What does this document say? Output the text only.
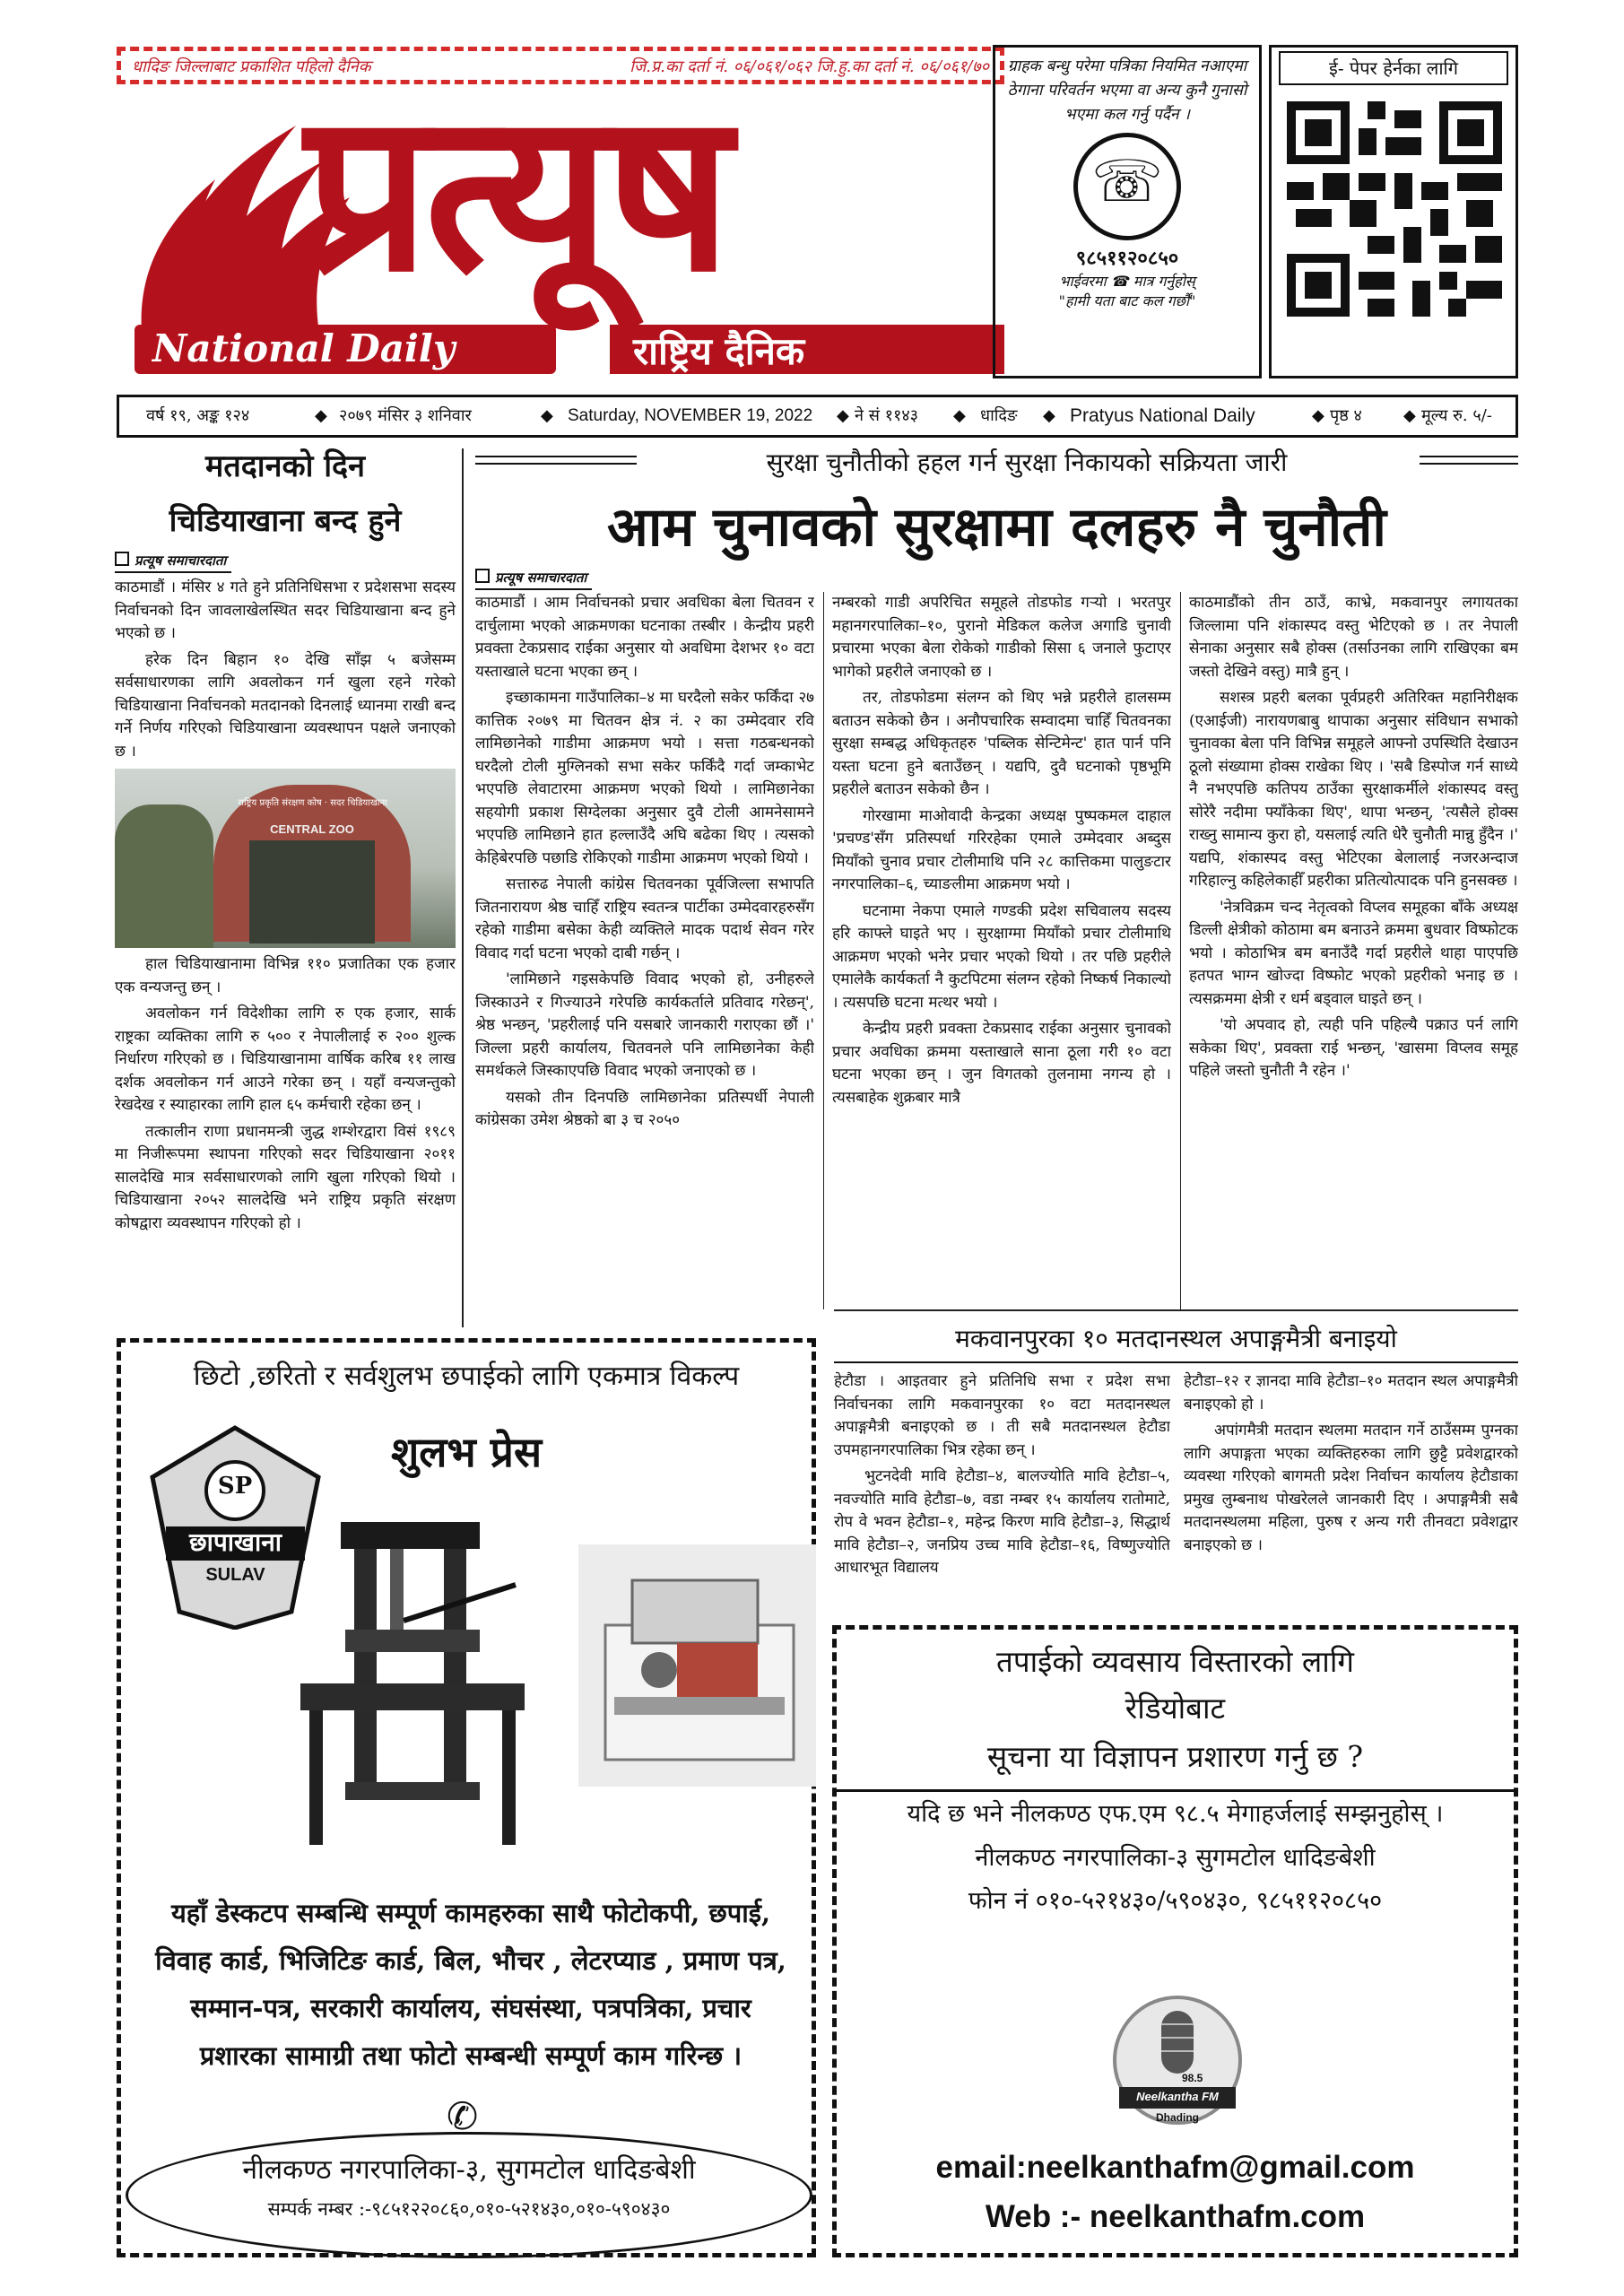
धादिङ जिल्लाबाट प्रकाशित पहिलो दैनिक	जि.प्र.का दर्ता नं. ०६/०६१/०६२ जि.हु.का दर्ता नं. ०६/०६१/७०
प्रत्यूष
National Daily	राष्ट्रिय दैनिक
ग्राहक बन्धु परेमा पत्रिका नियमित नआएमा ठेगाना परिवर्तन भएमा वा अन्य कुनै गुनासो भएमा कल गर्नु पर्दैन ।
☏
९८५११२०८५०
भाईवरमा ☎ मात्र गर्नुहोस्
"हामी यता बाट कल गर्छौं"
ई- पेपर हेर्नका लागि
वर्ष १९, अङ्क १२४	◆ २०७९ मंसिर ३ शनिवार	◆ Saturday, NOVEMBER 19, 2022 ◆ ने सं ११४३ ◆ धादिङ ◆ Pratyus National Daily	◆ पृष्ठ ४	◆ मूल्य रु. ५/-
मतदानको दिन
चिडियाखाना बन्द हुने
प्रत्यूष समाचारदाता

काठमाडौं । मंसिर ४ गते हुने प्रतिनिधिसभा र प्रदेशसभा सदस्य निर्वाचनको दिन जावलाखेलस्थित सदर चिडियाखाना बन्द हुने भएको छ ।

हरेक दिन बिहान १० देखि साँझ ५ बजेसम्म सर्वसाधारणका लागि अवलोकन गर्न खुला रहने गरेको चिडियाखाना निर्वाचनको मतदानको दिनलाई ध्यानमा राखी बन्द गर्ने निर्णय गरिएको चिडियाखाना व्यवस्थापन पक्षले जनाएको छ ।

राष्ट्रिय प्रकृति संरक्षण कोष · सदर चिडियाखाना
CENTRAL ZOO

हाल चिडियाखानामा विभिन्न ११० प्रजातिका एक हजार एक वन्यजन्तु छन् ।

अवलोकन गर्न विदेशीका लागि रु एक हजार, सार्क राष्ट्रका व्यक्तिका लागि रु ५०० र नेपालीलाई रु २०० शुल्क निर्धारण गरिएको छ । चिडियाखानामा वार्षिक करिब ११ लाख दर्शक अवलोकन गर्न आउने गरेका छन् । यहाँ वन्यजन्तुको रेखदेख र स्याहारका लागि हाल ६५ कर्मचारी रहेका छन् ।

तत्कालीन राणा प्रधानमन्त्री जुद्ध शम्शेरद्वारा विसं १९८९ मा निजीरूपमा स्थापना गरिएको सदर चिडियाखाना २०११ सालदेखि मात्र सर्वसाधारणको लागि खुला गरिएको थियो । चिडियाखाना २०५२ सालदेखि भने राष्ट्रिय प्रकृति संरक्षण कोषद्वारा व्यवस्थापन गरिएको हो ।

सुरक्षा चुनौतीको हहल गर्न सुरक्षा निकायको सक्रियता जारी
आम चुनावको सुरक्षामा दलहरु नै चुनौती
प्रत्यूष समाचारदाता

काठमाडौं । आम निर्वाचनको प्रचार अवधिका बेला चितवन र दार्चुलामा भएको आक्रमणका घटनाका तस्बीर । केन्द्रीय प्रहरी प्रवक्ता टेकप्रसाद राईका अनुसार यो अवधिमा देशभर १० वटा यस्ताखाले घटना भएका छन् ।

इच्छाकामना गाउँपालिका–४ मा घरदैलो सकेर फर्किंदा २७ कात्तिक २०७९ मा चितवन क्षेत्र नं. २ का उम्मेदवार रवि लामिछानेको गाडीमा आक्रमण भयो । सत्ता गठबन्धनको घरदैलो टोली मुग्लिनको सभा सकेर फर्किंदै गर्दा जम्काभेट भएपछि लेवाटारमा आक्रमण भएको थियो । लामिछानेका सहयोगी प्रकाश सिग्देलका अनुसार दुवै टोली आमनेसामने भएपछि लामिछाने हात हल्लाउँदै अघि बढेका थिए । त्यसको केहिबेरपछि पछाडि रोकिएको गाडीमा आक्रमण भएको थियो ।

सत्तारुढ नेपाली कांग्रेस चितवनका पूर्वजिल्ला सभापति जितनारायण श्रेष्ठ चाहिँ राष्ट्रिय स्वतन्त्र पार्टीका उम्मेदवारहरुसँग रहेको गाडीमा बसेका केही व्यक्तिले मादक पदार्थ सेवन गरेर विवाद गर्दा घटना भएको दाबी गर्छन् ।

'लामिछाने गइसकेपछि विवाद भएको हो, उनीहरुले जिस्काउने र गिज्याउने गरेपछि कार्यकर्ताले प्रतिवाद गरेछन्', श्रेष्ठ भन्छन्, 'प्रहरीलाई पनि यसबारे जानकारी गराएका छौं ।' जिल्ला प्रहरी कार्यालय, चितवनले पनि लामिछानेका केही समर्थकले जिस्काएपछि विवाद भएको जनाएको छ ।

यसको तीन दिनपछि लामिछानेका प्रतिस्पर्धी नेपाली कांग्रेसका उमेश श्रेष्ठको बा ३ च २०५०

नम्बरको गाडी अपरिचित समूहले तोडफोड गऱ्यो । भरतपुर महानगरपालिका–१०, पुरानो मेडिकल कलेज अगाडि चुनावी प्रचारमा भएका बेला रोकेको गाडीको सिसा ६ जनाले फुटाएर भागेको प्रहरीले जनाएको छ ।

तर, तोडफोडमा संलग्न को थिए भन्ने प्रहरीले हालसम्म बताउन सकेको छैन । अनौपचारिक सम्वादमा चाहिँ चितवनका सुरक्षा सम्बद्ध अधिकृतहरु 'पब्लिक सेन्टिमेन्ट' हात पार्न पनि यस्ता घटना हुने बताउँछन् । यद्यपि, दुवै घटनाको पृष्ठभूमि प्रहरीले बताउन सकेको छैन ।

गोरखामा माओवादी केन्द्रका अध्यक्ष पुष्पकमल दाहाल 'प्रचण्ड'सँग प्रतिस्पर्धा गरिरहेका एमाले उम्मेदवार अब्दुस मियाँको चुनाव प्रचार टोलीमाथि पनि २८ कात्तिकमा पालुङटार नगरपालिका–६, च्याङलीमा आक्रमण भयो ।

घटनामा नेकपा एमाले गण्डकी प्रदेश सचिवालय सदस्य हरि काफ्ले घाइते भए । सुरक्षाग्मा मियाँको प्रचार टोलीमाथि आक्रमण भएको भनेर प्रचार भएको थियो । तर पछि प्रहरीले एमालेकै कार्यकर्ता नै कुटपिटमा संलग्न रहेको निष्कर्ष निकाल्यो । त्यसपछि घटना मत्थर भयो ।

केन्द्रीय प्रहरी प्रवक्ता टेकप्रसाद राईका अनुसार चुनावको प्रचार अवधिका क्रममा यस्ताखाले साना ठूला गरी १० वटा घटना भएका छन् । जुन विगतको तुलनामा नगन्य हो । त्यसबाहेक शुक्रबार मात्रै

काठमाडौंको तीन ठाउँ, काभ्रे, मकवानपुर लगायतका जिल्लामा पनि शंकास्पद वस्तु भेटिएको छ । तर नेपाली सेनाका अनुसार सबै होक्स (तर्साउनका लागि राखिएका बम जस्तो देखिने वस्तु) मात्रै हुन् ।

सशस्त्र प्रहरी बलका पूर्वप्रहरी अतिरिक्त महानिरीक्षक (एआईजी) नारायणबाबु थापाका अनुसार संविधान सभाको चुनावका बेला पनि विभिन्न समूहले आफ्नो उपस्थिति देखाउन ठूलो संख्यामा होक्स राखेका थिए । 'सबै डिस्पोज गर्न साध्ये नै नभएपछि कतिपय ठाउँका सुरक्षाकर्मीले शंकास्पद वस्तु सोरेरै नदीमा फ्याँकेका थिए', थापा भन्छन्, 'त्यसैले होक्स राख्नु सामान्य कुरा हो, यसलाई त्यति धेरै चुनौती मान्नु हुँदैन ।' यद्यपि, शंकास्पद वस्तु भेटिएका बेलालाई नजरअन्दाज गरिहाल्नु कहिलेकाहीँ प्रहरीका प्रतित्योत्पादक पनि हुनसक्छ ।

'नेत्रविक्रम चन्द नेतृत्वको विप्लव समूहका बाँके अध्यक्ष डिल्ली क्षेत्रीको कोठामा बम बनाउने क्रममा बुधवार विष्फोटक भयो । कोठाभित्र बम बनाउँदै गर्दा प्रहरीले थाहा पाएपछि हतपत भाग्न खोज्दा विष्फोट भएको प्रहरीको भनाइ छ । त्यसक्रममा क्षेत्री र धर्म बड्वाल घाइते छन् ।

'यो अपवाद हो, त्यही पनि पहिल्यै पक्राउ पर्न लागि सकेका थिए', प्रवक्ता राई भन्छन्, 'खासमा विप्लव समूह पहिले जस्तो चुनौती नै रहेन ।'

मकवानपुरका १० मतदानस्थल अपाङ्गमैत्री बनाइयो

हेटौडा । आइतवार हुने प्रतिनिधि सभा र प्रदेश सभा निर्वाचनका लागि मकवानपुरका १० वटा मतदानस्थल अपाङ्गमैत्री बनाइएको छ । ती सबै मतदानस्थल हेटौडा उपमहानगरपालिका भित्र रहेका छन् ।

भुटनदेवी मावि हेटौडा–४, बालज्योति मावि हेटौडा–५, नवज्योति मावि हेटौडा–७, वडा नम्बर १५ कार्यालय रातोमाटे, रोप वे भवन हेटौडा–१, महेन्द्र किरण मावि हेटौडा–३, सिद्धार्थ मावि हेटौडा–२, जनप्रिय उच्च मावि हेटौडा–१६, विष्णुज्योति आधारभूत विद्यालय

हेटौडा–१२ र ज्ञानदा मावि हेटौडा–१० मतदान स्थल अपाङ्गमैत्री बनाइएको हो ।

अपांगमैत्री मतदान स्थलमा मतदान गर्ने ठाउँसम्म पुग्नका लागि अपाङ्गता भएका व्यक्तिहरुका लागि छुट्टै प्रवेशद्वारको व्यवस्था गरिएको बागमती प्रदेश निर्वाचन कार्यालय हेटौडाका प्रमुख लुम्बनाथ पोखरेलले जानकारी दिए । अपाङ्गमैत्री सबै मतदानस्थलमा महिला, पुरुष र अन्य गरी तीनवटा प्रवेशद्वार बनाइएको छ ।

छिटो ,छरितो र सर्वशुलभ छपाईको लागि एकमात्र विकल्प
SP
छापाखाना
SULAV
शुलभ प्रेस
यहाँ डेस्कटप सम्बन्धि सम्पूर्ण कामहरुका साथै फोटोकपी, छपाई, विवाह कार्ड, भिजिटिङ कार्ड, बिल, भौचर , लेटरप्याड , प्रमाण पत्र, सम्मान-पत्र, सरकारी कार्यालय, संघसंस्था, पत्रपत्रिका, प्रचार प्रशारका सामाग्री तथा फोटो सम्बन्धी सम्पूर्ण काम गरिन्छ ।
✆
नीलकण्ठ नगरपालिका-३, सुगमटोल धादिङबेशी
सम्पर्क नम्बर :-९८५१२२०८६०,०१०-५२१४३०,०१०-५९०४३०
तपाईको व्यवसाय विस्तारको लागि
रेडियोबाट
सूचना या विज्ञापन प्रशारण गर्नु छ ?
यदि छ भने नीलकण्ठ एफ.एम ९८.५ मेगाहर्जलाई सम्झनुहोस् ।
नीलकण्ठ नगरपालिका-३ सुगमटोल धादिङबेशी
फोन नं ०१०-५२१४३०/५९०४३०, ९८५११२०८५०
98.5
Neelkantha FM
Dhading
email:neelkanthafm@gmail.com
Web :- neelkanthafm.com
